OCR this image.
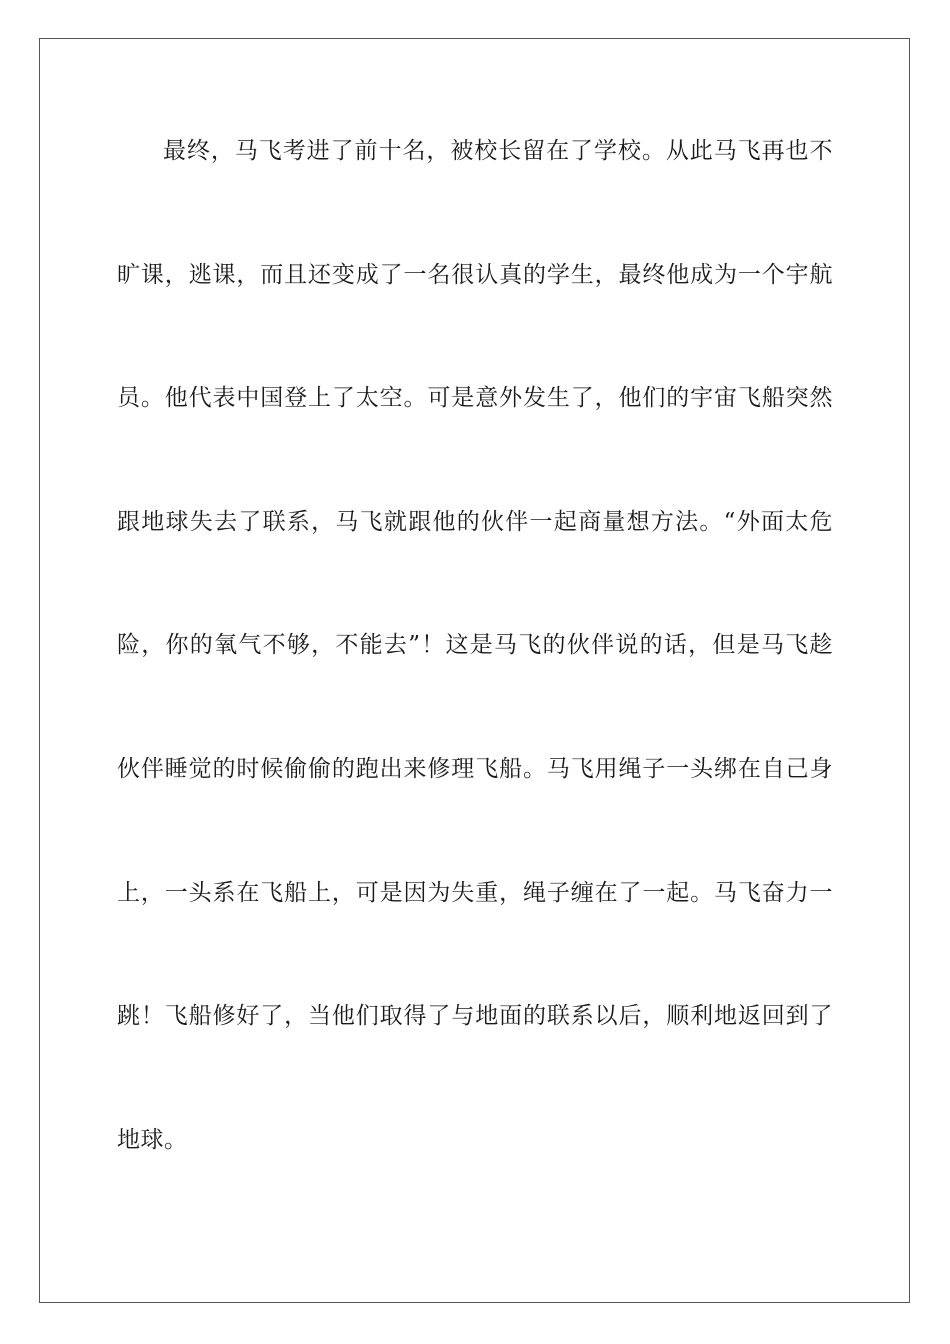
最终，马飞考进了前十名，被校长留在了学校。从此马飞再也不
旷课，逃课，而且还变成了一名很认真的学生，最终他成为一个宇航
员。他代表中国登上了太空。可是意外发生了，他们的宇宙飞船突然
跟地球失去了联系，马飞就跟他的伙伴一起商量想方法。“外面太危
险，你的氧气不够，不能去”！这是马飞的伙伴说的话，但是马飞趁
伙伴睡觉的时候偷偷的跑出来修理飞船。马飞用绳子一头绑在自己身
上，一头系在飞船上，可是因为失重，绳子缠在了一起。马飞奋力一
跳！飞船修好了，当他们取得了与地面的联系以后，顺利地返回到了
地球。
